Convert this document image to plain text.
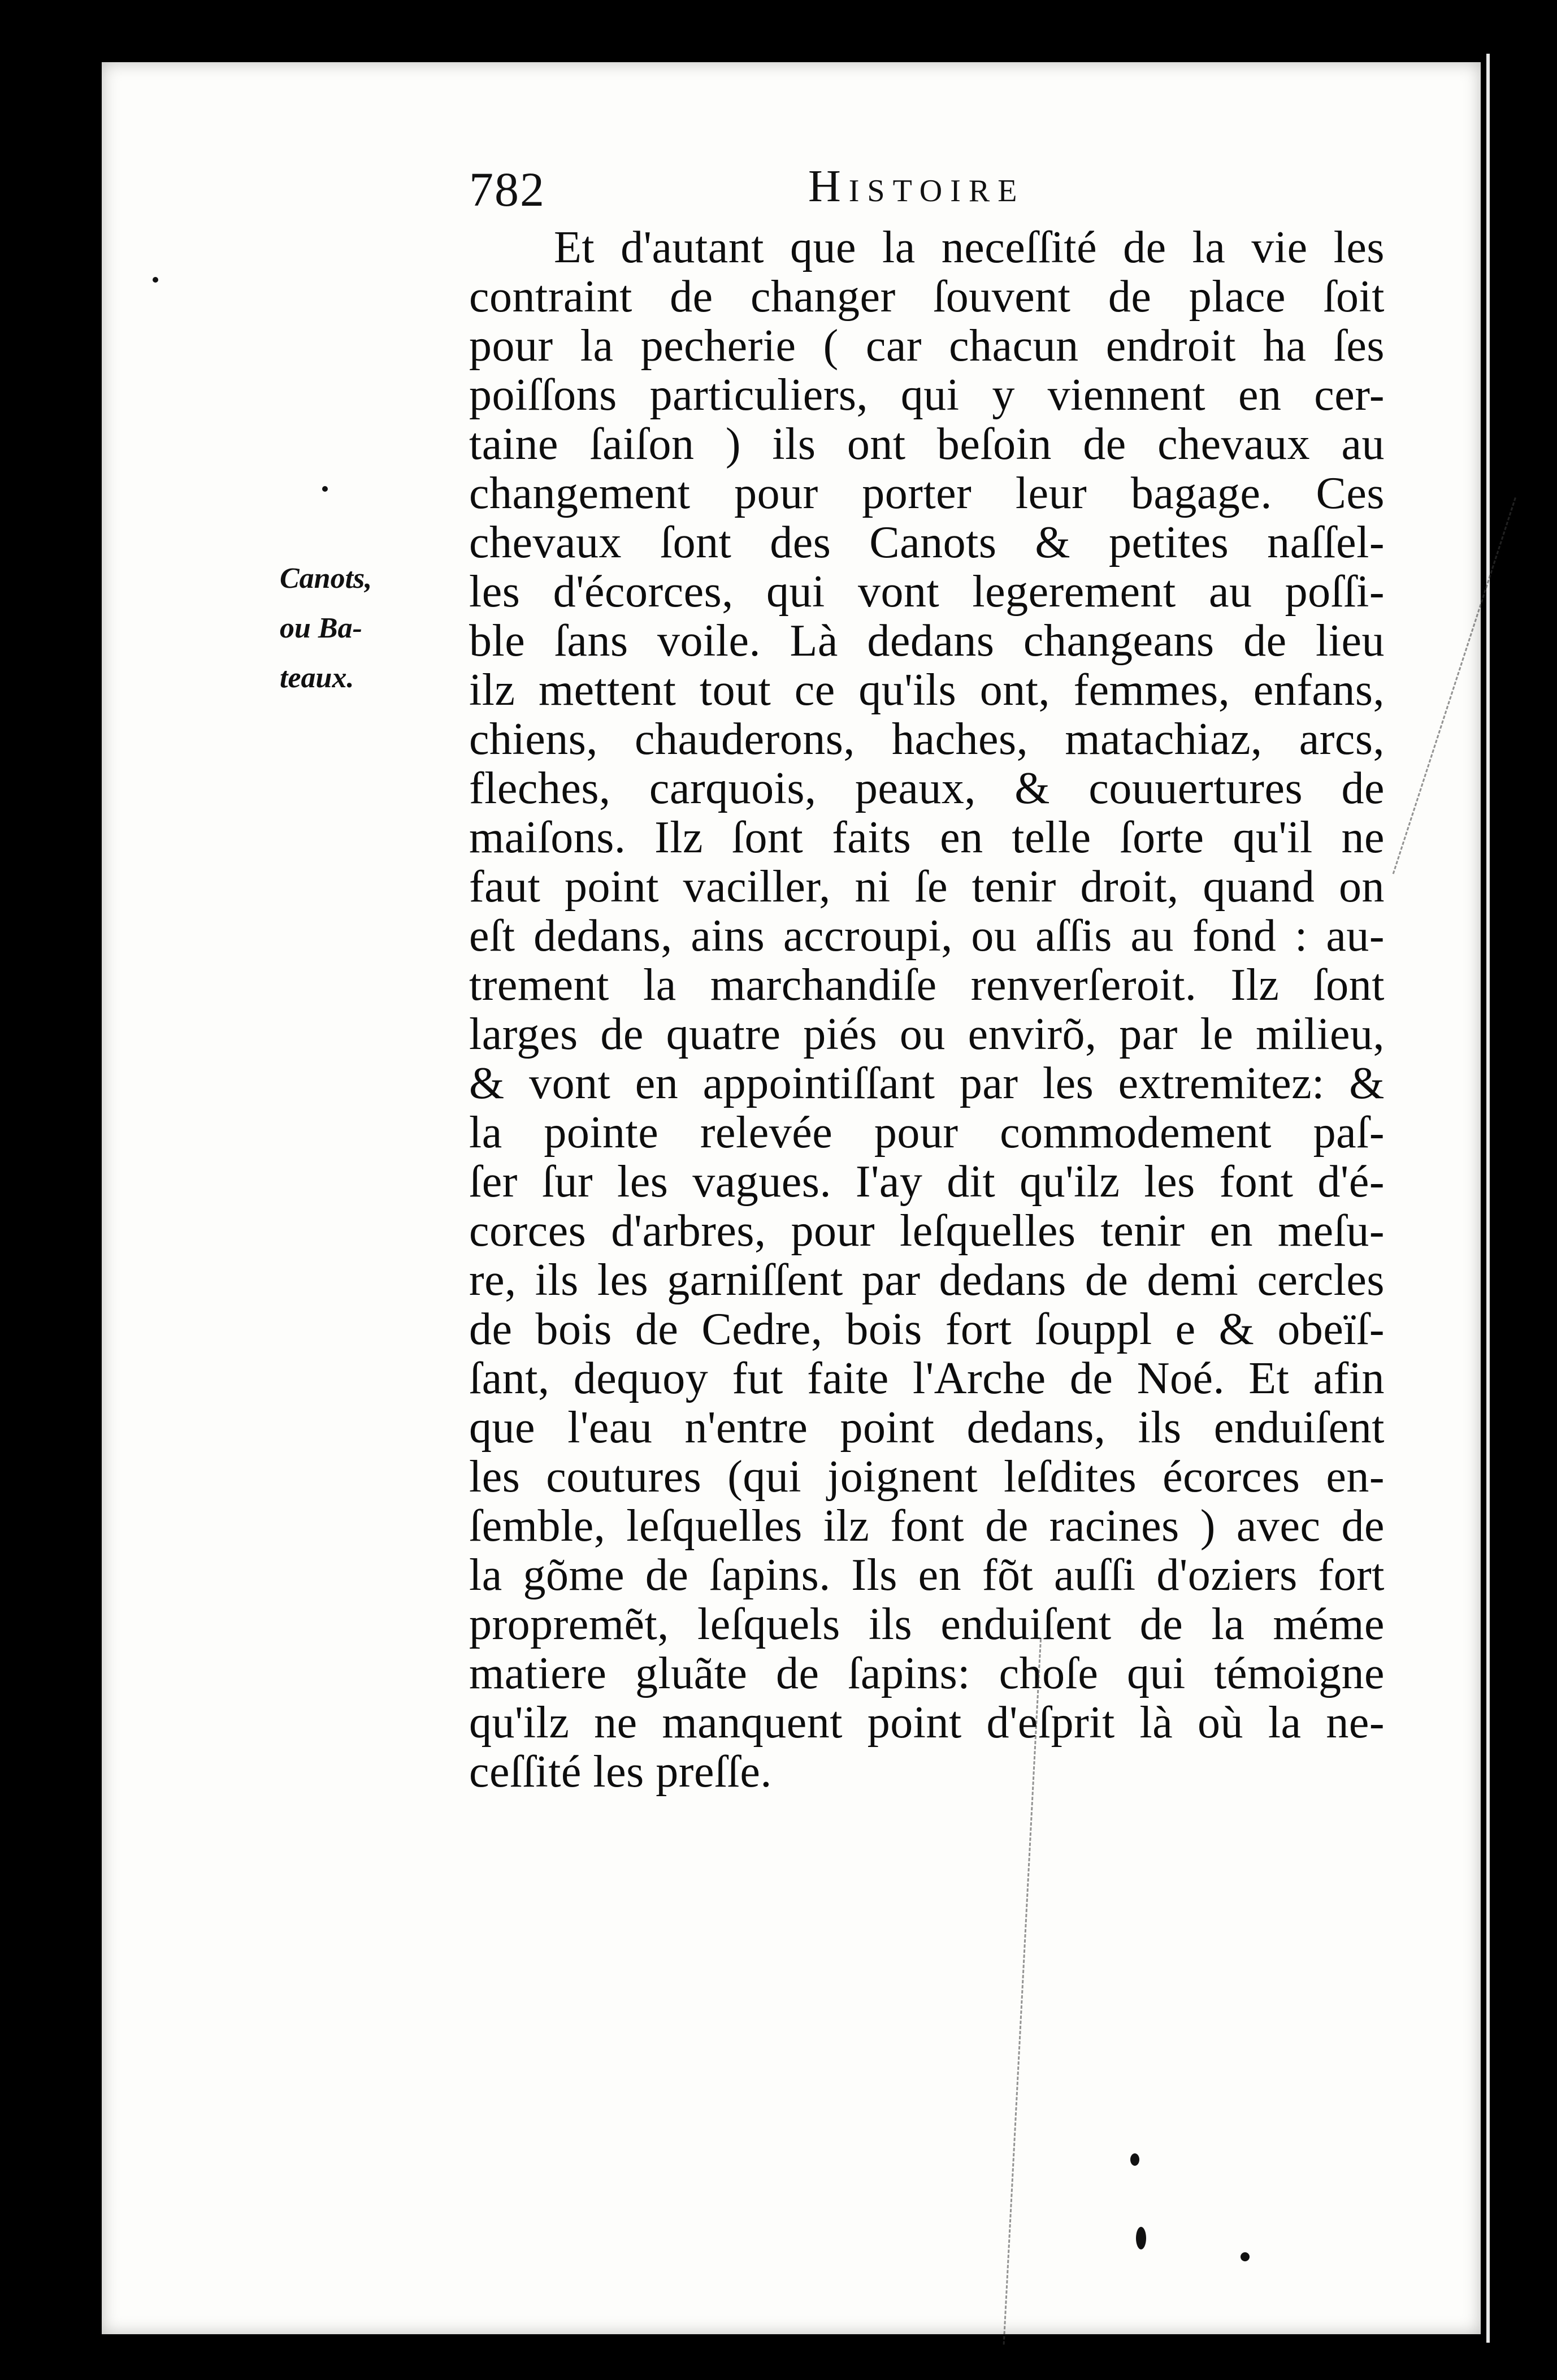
782	Histoire
Canots,
ou Ba-
teaux.
Et d'autant que la neceſſité de la vie les
contraint de changer ſouvent de place ſoit
pour la pecherie ( car chacun endroit ha ſes
poiſſons particuliers, qui y viennent en cer-
taine ſaiſon ) ils ont beſoin de chevaux au
changement pour porter leur bagage. Ces
chevaux ſont des Canots & petites naſſel-
les d'écorces, qui vont legerement au poſſi-
ble ſans voile. Là dedans changeans de lieu
ilz mettent tout ce qu'ils ont, femmes, enfans,
chiens, chauderons, haches, matachiaz, arcs,
fleches, carquois, peaux, & couuertures de
maiſons. Ilz ſont faits en telle ſorte qu'il ne
faut point vaciller, ni ſe tenir droit, quand on
eſt dedans, ains accroupi, ou aſſis au fond : au-
trement la marchandiſe renverſeroit. Ilz ſont
larges de quatre piés ou envirõ, par le milieu,
& vont en appointiſſant par les extremitez: &
la pointe relevée pour commodement paſ-
ſer ſur les vagues. I'ay dit qu'ilz les font d'é-
corces d'arbres, pour leſquelles tenir en meſu-
re, ils les garniſſent par dedans de demi cercles
de bois de Cedre, bois fort ſouppl e & obeïſ-
ſant, dequoy fut faite l'Arche de Noé. Et afin
que l'eau n'entre point dedans, ils enduiſent
les coutures (qui joignent leſdites écorces en-
ſemble, leſquelles ilz font de racines ) avec de
la gõme de ſapins. Ils en fõt auſſi d'oziers fort
propremẽt, leſquels ils enduiſent de la méme
matiere gluãte de ſapins: choſe qui témoigne
qu'ilz ne manquent point d'eſprit là où la ne-
ceſſité les preſſe.
